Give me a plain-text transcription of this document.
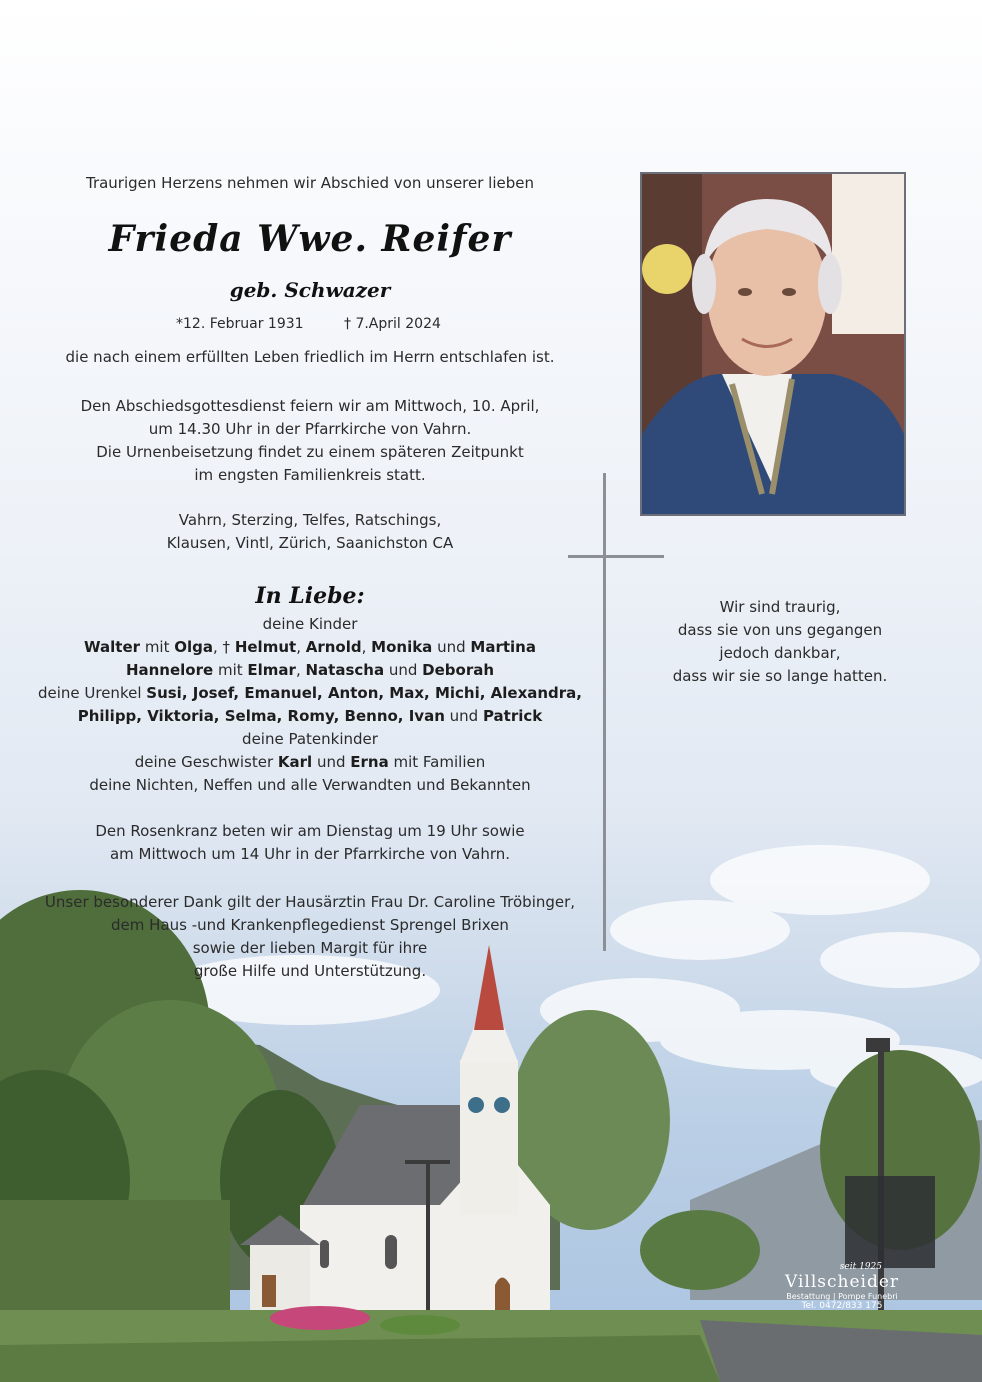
Traurigen Herzens nehmen wir Abschied von unserer lieben
Frieda Wwe. Reifer
geb. Schwazer
*12. Februar 1931	† 7.April 2024
die nach einem erfüllten Leben friedlich im Herrn entschlafen ist.
Den Abschiedsgottesdienst feiern wir am Mittwoch, 10. April,
um 14.30 Uhr in der Pfarrkirche von Vahrn.
Die Urnenbeisetzung findet zu einem späteren Zeitpunkt
im engsten Familienkreis statt.
Vahrn, Sterzing, Telfes, Ratschings,
Klausen, Vintl, Zürich, Saanichston CA
In Liebe:
deine Kinder
Walter mit Olga, † Helmut, Arnold, Monika und Martina
Hannelore mit Elmar, Natascha und Deborah
deine Urenkel Susi, Josef, Emanuel, Anton, Max, Michi, Alexandra,
Philipp, Viktoria, Selma, Romy, Benno, Ivan und Patrick
deine Patenkinder
deine Geschwister Karl und Erna mit Familien
deine Nichten, Neffen und alle Verwandten und Bekannten
Den Rosenkranz beten wir am Dienstag um 19 Uhr sowie
am Mittwoch um 14 Uhr in der Pfarrkirche von Vahrn.
Unser besonderer Dank gilt der Hausärztin Frau Dr. Caroline Tröbinger,
dem Haus -und Krankenpflegedienst Sprengel Brixen
sowie der lieben Margit für ihre
große Hilfe und Unterstützung.
Wir sind traurig,
dass sie von uns gegangen
jedoch dankbar,
dass wir sie so lange hatten.
seit 1925
Villscheider
Bestattung | Pompe Funebri
Tel. 0472/833 175
